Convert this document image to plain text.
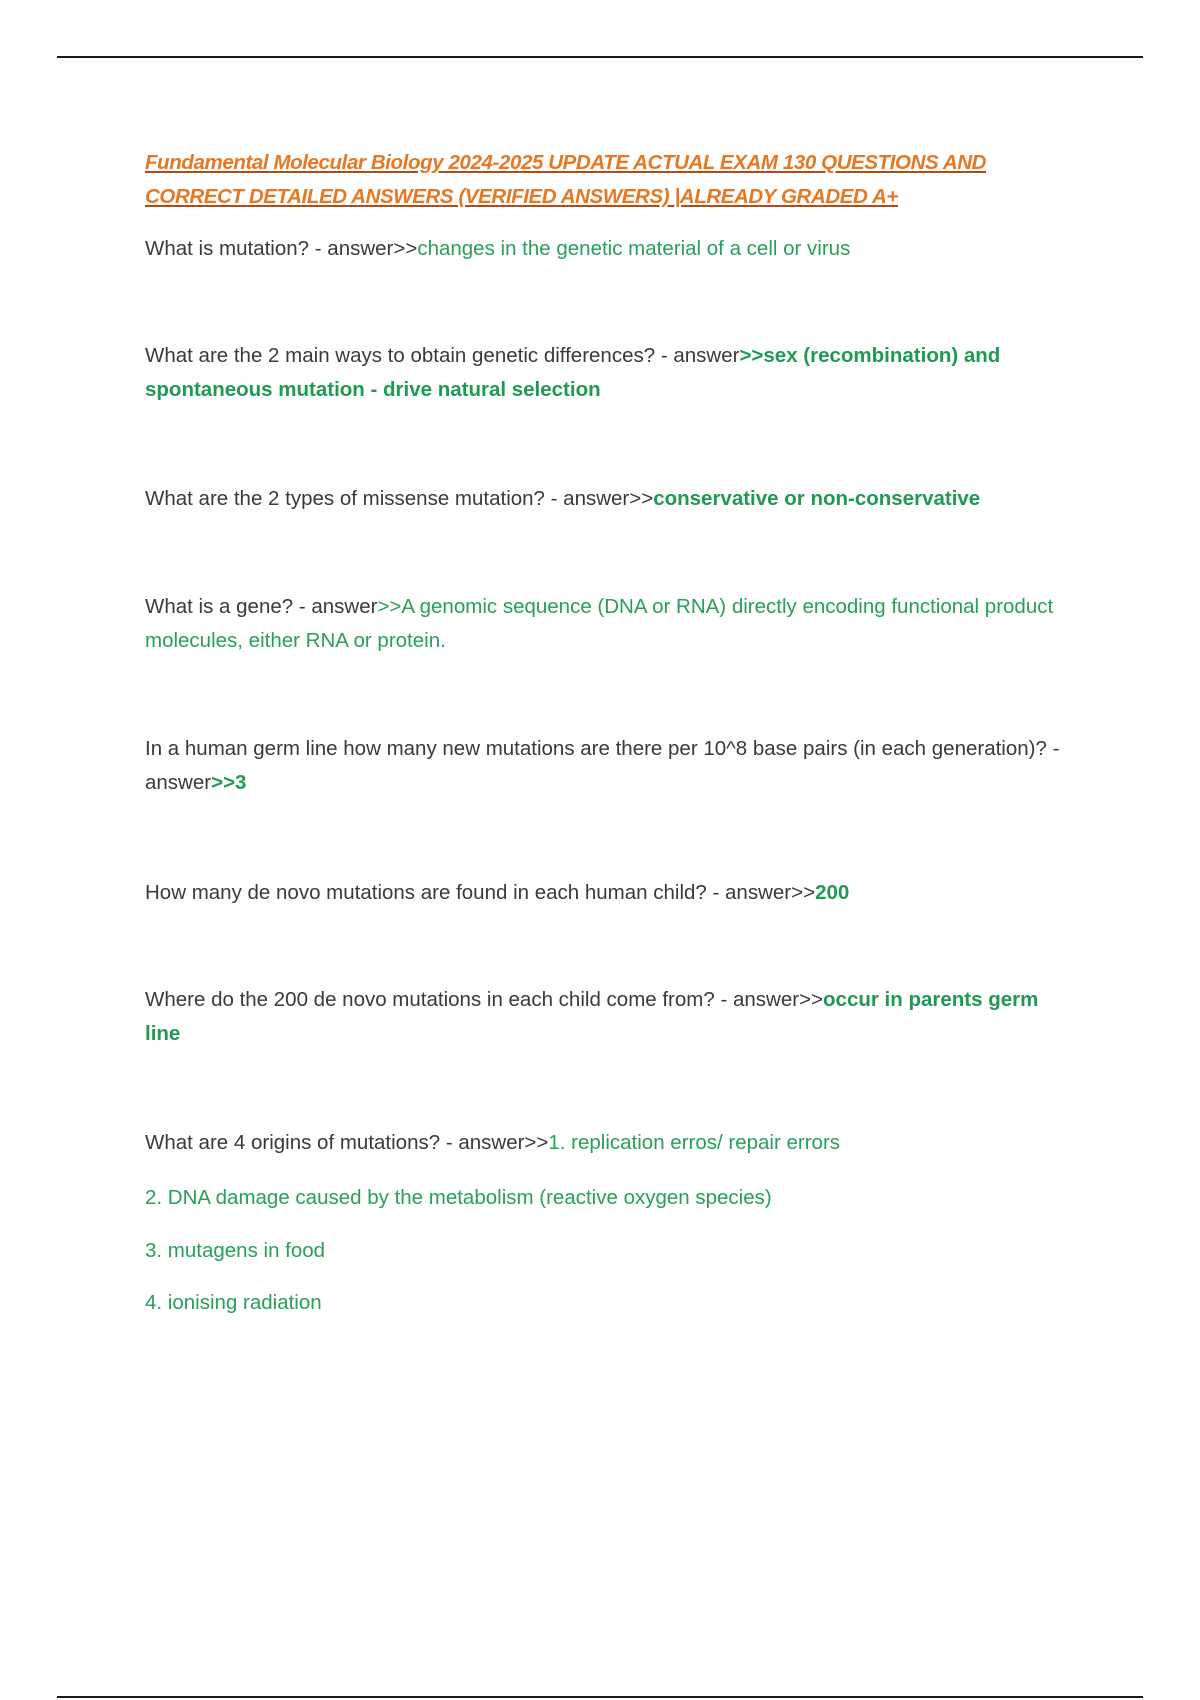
Fundamental Molecular Biology 2024-2025 UPDATE ACTUAL EXAM 130 QUESTIONS AND CORRECT DETAILED ANSWERS (VERIFIED ANSWERS) |ALREADY GRADED A+

What is mutation? - answer>>changes in the genetic material of a cell or virus

What are the 2 main ways to obtain genetic differences? - answer>>sex (recombination) and spontaneous mutation - drive natural selection

What are the 2 types of missense mutation? - answer>>conservative or non-conservative

What is a gene? - answer>>A genomic sequence (DNA or RNA) directly encoding functional product molecules, either RNA or protein.

In a human germ line how many new mutations are there per 10^8 base pairs (in each generation)? - answer>>3

How many de novo mutations are found in each human child? - answer>>200

Where do the 200 de novo mutations in each child come from? - answer>>occur in parents germ line

What are 4 origins of mutations? - answer>>1. replication erros/ repair errors

2. DNA damage caused by the metabolism (reactive oxygen species)

3. mutagens in food

4. ionising radiation
